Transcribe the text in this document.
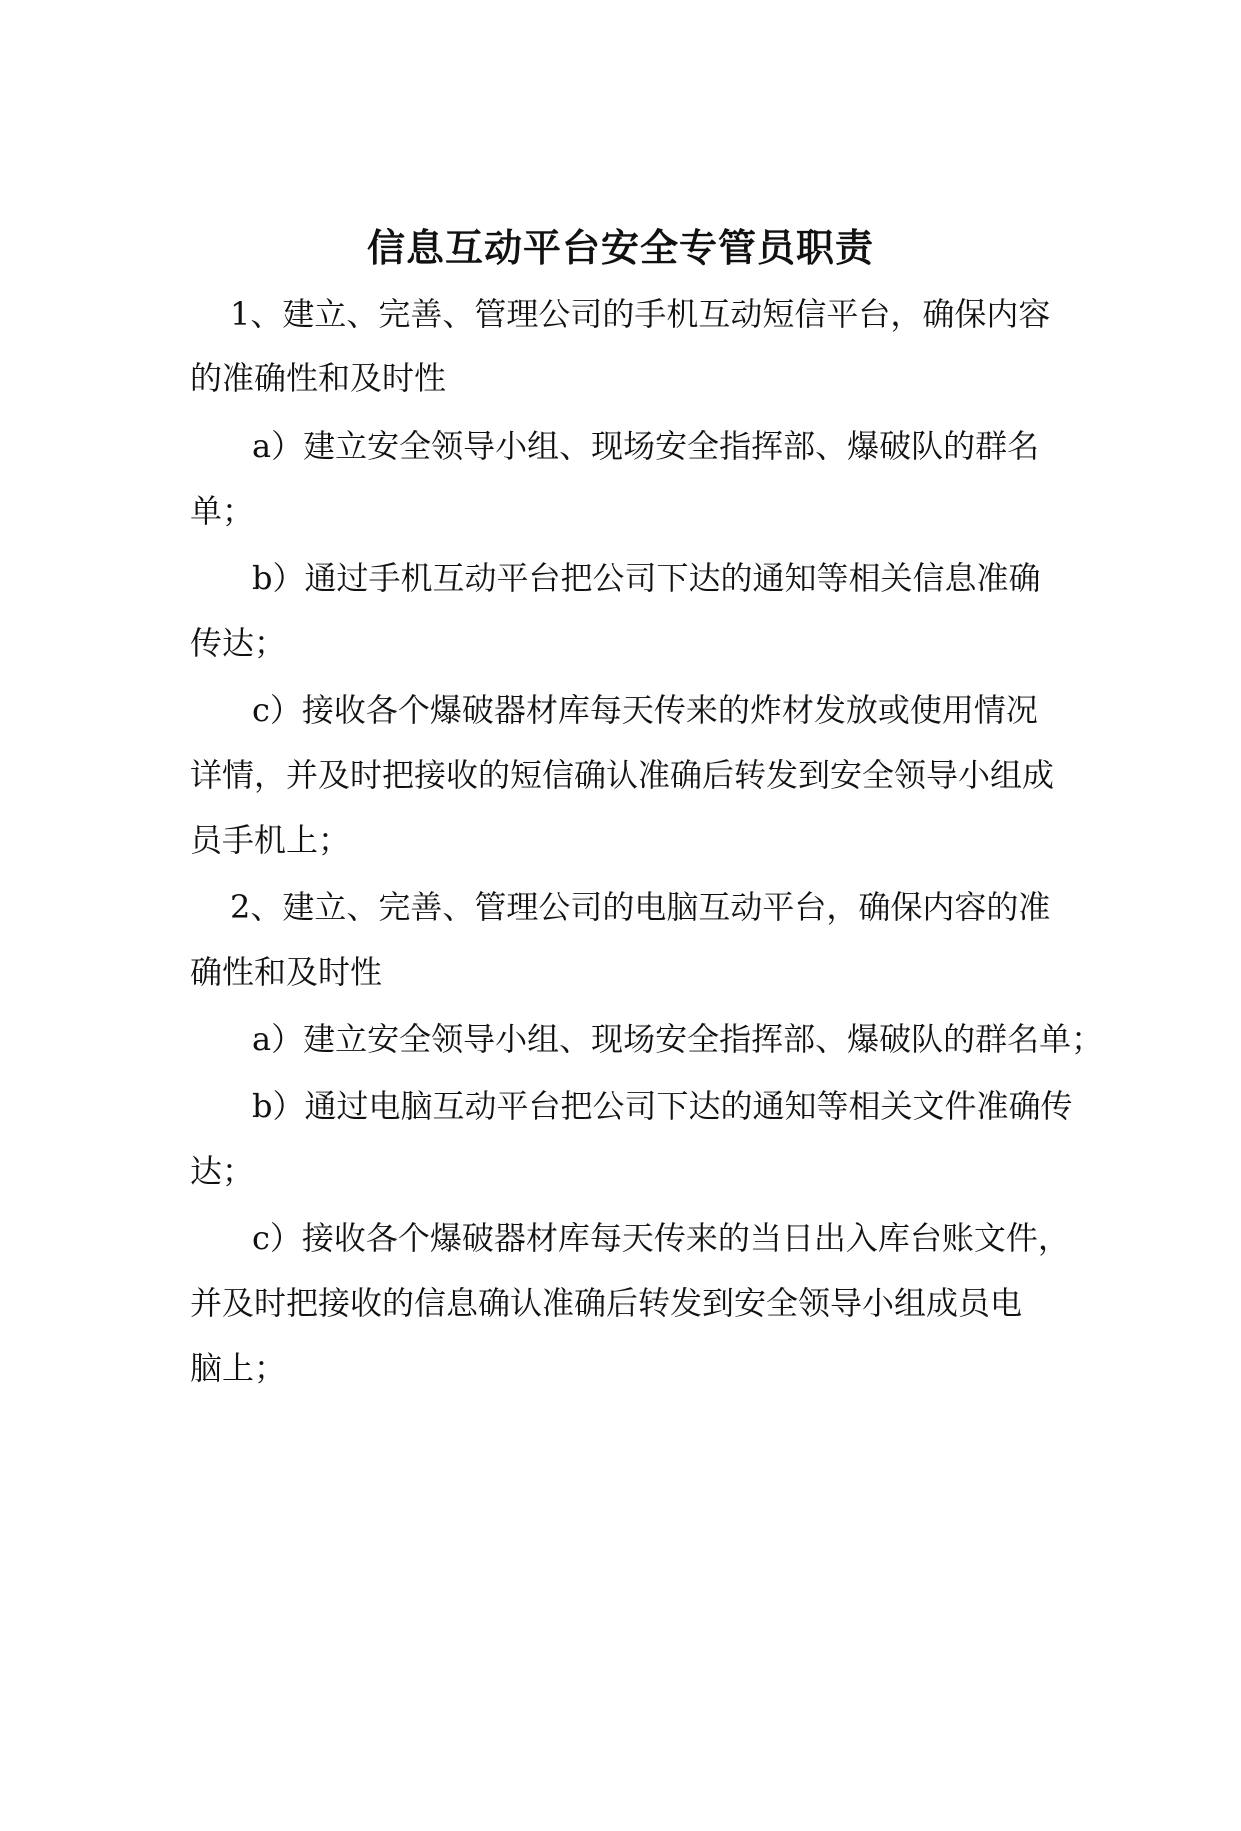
信息互动平台安全专管员职责

1、建立、完善、管理公司的手机互动短信平台，确保内容

的准确性和及时性

a）建立安全领导小组、现场安全指挥部、爆破队的群名

单；

b）通过手机互动平台把公司下达的通知等相关信息准确

传达；

c）接收各个爆破器材库每天传来的炸材发放或使用情况

详情，并及时把接收的短信确认准确后转发到安全领导小组成

员手机上；

2、建立、完善、管理公司的电脑互动平台，确保内容的准

确性和及时性

a）建立安全领导小组、现场安全指挥部、爆破队的群名单；

b）通过电脑互动平台把公司下达的通知等相关文件准确传

达；

c）接收各个爆破器材库每天传来的当日出入库台账文件，

并及时把接收的信息确认准确后转发到安全领导小组成员电

脑上；
